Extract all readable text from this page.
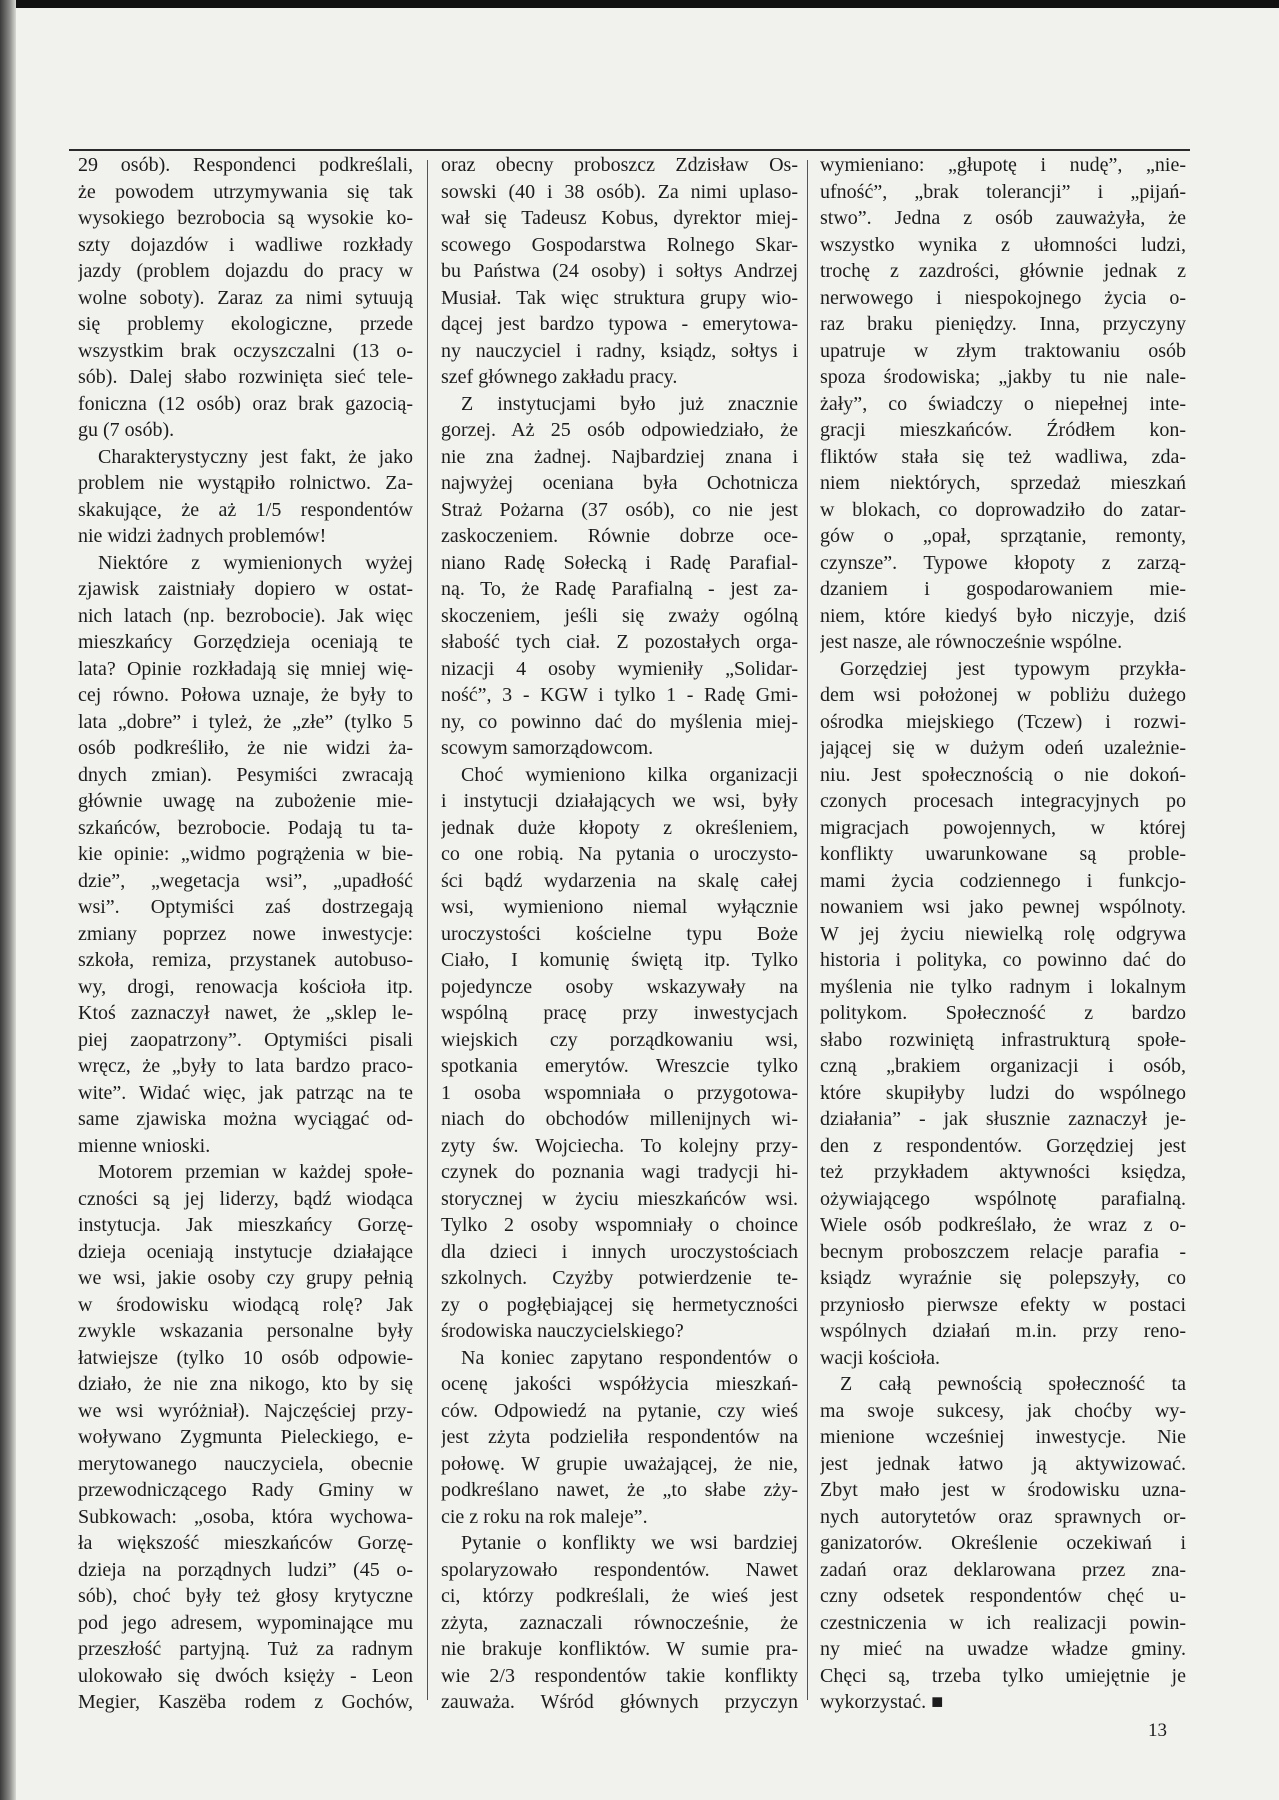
29 osób). Respondenci podkreślali,
że powodem utrzymywania się tak
wysokiego bezrobocia są wysokie ko-
szty dojazdów i wadliwe rozkłady
jazdy (problem dojazdu do pracy w
wolne soboty). Zaraz za nimi sytuują
się problemy ekologiczne, przede
wszystkim brak oczyszczalni (13 o-
sób). Dalej słabo rozwinięta sieć tele-
foniczna (12 osób) oraz brak gazocią-
gu (7 osób).
Charakterystyczny jest fakt, że jako
problem nie wystąpiło rolnictwo. Za-
skakujące, że aż 1/5 respondentów
nie widzi żadnych problemów!
Niektóre z wymienionych wyżej
zjawisk zaistniały dopiero w ostat-
nich latach (np. bezrobocie). Jak więc
mieszkańcy Gorzędzieja oceniają te
lata? Opinie rozkładają się mniej wię-
cej równo. Połowa uznaje, że były to
lata „dobre” i tyleż, że „złe” (tylko 5
osób podkreśliło, że nie widzi ża-
dnych zmian). Pesymiści zwracają
głównie uwagę na zubożenie mie-
szkańców, bezrobocie. Podają tu ta-
kie opinie: „widmo pogrążenia w bie-
dzie”, „wegetacja wsi”, „upadłość
wsi”. Optymiści zaś dostrzegają
zmiany poprzez nowe inwestycje:
szkoła, remiza, przystanek autobuso-
wy, drogi, renowacja kościoła itp.
Ktoś zaznaczył nawet, że „sklep le-
piej zaopatrzony”. Optymiści pisali
wręcz, że „były to lata bardzo praco-
wite”. Widać więc, jak patrząc na te
same zjawiska można wyciągać od-
mienne wnioski.
Motorem przemian w każdej społe-
czności są jej liderzy, bądź wiodąca
instytucja. Jak mieszkańcy Gorzę-
dzieja oceniają instytucje działające
we wsi, jakie osoby czy grupy pełnią
w środowisku wiodącą rolę? Jak
zwykle wskazania personalne były
łatwiejsze (tylko 10 osób odpowie-
działo, że nie zna nikogo, kto by się
we wsi wyróżniał). Najczęściej przy-
woływano Zygmunta Pieleckiego, e-
merytowanego nauczyciela, obecnie
przewodniczącego Rady Gminy w
Subkowach: „osoba, która wychowa-
ła większość mieszkańców Gorzę-
dzieja na porządnych ludzi” (45 o-
sób), choć były też głosy krytyczne
pod jego adresem, wypominające mu
przeszłość partyjną. Tuż za radnym
ulokowało się dwóch księży - Leon
Megier, Kaszëba rodem z Gochów,
oraz obecny proboszcz Zdzisław Os-
sowski (40 i 38 osób). Za nimi uplaso-
wał się Tadeusz Kobus, dyrektor miej-
scowego Gospodarstwa Rolnego Skar-
bu Państwa (24 osoby) i sołtys Andrzej
Musiał. Tak więc struktura grupy wio-
dącej jest bardzo typowa - emerytowa-
ny nauczyciel i radny, ksiądz, sołtys i
szef głównego zakładu pracy.
Z instytucjami było już znacznie
gorzej. Aż 25 osób odpowiedziało, że
nie zna żadnej. Najbardziej znana i
najwyżej oceniana była Ochotnicza
Straż Pożarna (37 osób), co nie jest
zaskoczeniem. Równie dobrze oce-
niano Radę Sołecką i Radę Parafial-
ną. To, że Radę Parafialną - jest za-
skoczeniem, jeśli się zważy ogólną
słabość tych ciał. Z pozostałych orga-
nizacji 4 osoby wymieniły „Solidar-
ność”, 3 - KGW i tylko 1 - Radę Gmi-
ny, co powinno dać do myślenia miej-
scowym samorządowcom.
Choć wymieniono kilka organizacji
i instytucji działających we wsi, były
jednak duże kłopoty z określeniem,
co one robią. Na pytania o uroczysto-
ści bądź wydarzenia na skalę całej
wsi, wymieniono niemal wyłącznie
uroczystości kościelne typu Boże
Ciało, I komunię świętą itp. Tylko
pojedyncze osoby wskazywały na
wspólną pracę przy inwestycjach
wiejskich czy porządkowaniu wsi,
spotkania emerytów. Wreszcie tylko
1 osoba wspomniała o przygotowa-
niach do obchodów millenijnych wi-
zyty św. Wojciecha. To kolejny przy-
czynek do poznania wagi tradycji hi-
storycznej w życiu mieszkańców wsi.
Tylko 2 osoby wspomniały o choince
dla dzieci i innych uroczystościach
szkolnych. Czyżby potwierdzenie te-
zy o pogłębiającej się hermetyczności
środowiska nauczycielskiego?
Na koniec zapytano respondentów o
ocenę jakości współżycia mieszkań-
ców. Odpowiedź na pytanie, czy wieś
jest zżyta podzieliła respondentów na
połowę. W grupie uważającej, że nie,
podkreślano nawet, że „to słabe zży-
cie z roku na rok maleje”.
Pytanie o konflikty we wsi bardziej
spolaryzowało respondentów. Nawet
ci, którzy podkreślali, że wieś jest
zżyta, zaznaczali równocześnie, że
nie brakuje konfliktów. W sumie pra-
wie 2/3 respondentów takie konflikty
zauważa. Wśród głównych przyczyn
wymieniano: „głupotę i nudę”, „nie-
ufność”, „brak tolerancji” i „pijań-
stwo”. Jedna z osób zauważyła, że
wszystko wynika z ułomności ludzi,
trochę z zazdrości, głównie jednak z
nerwowego i niespokojnego życia o-
raz braku pieniędzy. Inna, przyczyny
upatruje w złym traktowaniu osób
spoza środowiska; „jakby tu nie nale-
żały”, co świadczy o niepełnej inte-
gracji mieszkańców. Źródłem kon-
fliktów stała się też wadliwa, zda-
niem niektórych, sprzedaż mieszkań
w blokach, co doprowadziło do zatar-
gów o „opał, sprzątanie, remonty,
czynsze”. Typowe kłopoty z zarzą-
dzaniem i gospodarowaniem mie-
niem, które kiedyś było niczyje, dziś
jest nasze, ale równocześnie wspólne.
Gorzędziej jest typowym przykła-
dem wsi położonej w pobliżu dużego
ośrodka miejskiego (Tczew) i rozwi-
jającej się w dużym odeń uzależnie-
niu. Jest społecznością o nie dokoń-
czonych procesach integracyjnych po
migracjach powojennych, w której
konflikty uwarunkowane są proble-
mami życia codziennego i funkcjo-
nowaniem wsi jako pewnej wspólnoty.
W jej życiu niewielką rolę odgrywa
historia i polityka, co powinno dać do
myślenia nie tylko radnym i lokalnym
politykom. Społeczność z bardzo
słabo rozwiniętą infrastrukturą społe-
czną „brakiem organizacji i osób,
które skupiłyby ludzi do wspólnego
działania” - jak słusznie zaznaczył je-
den z respondentów. Gorzędziej jest
też przykładem aktywności księdza,
ożywiającego wspólnotę parafialną.
Wiele osób podkreślało, że wraz z o-
becnym proboszczem relacje parafia -
ksiądz wyraźnie się polepszyły, co
przyniosło pierwsze efekty w postaci
wspólnych działań m.in. przy reno-
wacji kościoła.
Z całą pewnością społeczność ta
ma swoje sukcesy, jak choćby wy-
mienione wcześniej inwestycje. Nie
jest jednak łatwo ją aktywizować.
Zbyt mało jest w środowisku uzna-
nych autorytetów oraz sprawnych or-
ganizatorów. Określenie oczekiwań i
zadań oraz deklarowana przez zna-
czny odsetek respondentów chęć u-
czestniczenia w ich realizacji powin-
ny mieć na uwadze władze gminy.
Chęci są, trzeba tylko umiejętnie je
wykorzystać. ■
13
